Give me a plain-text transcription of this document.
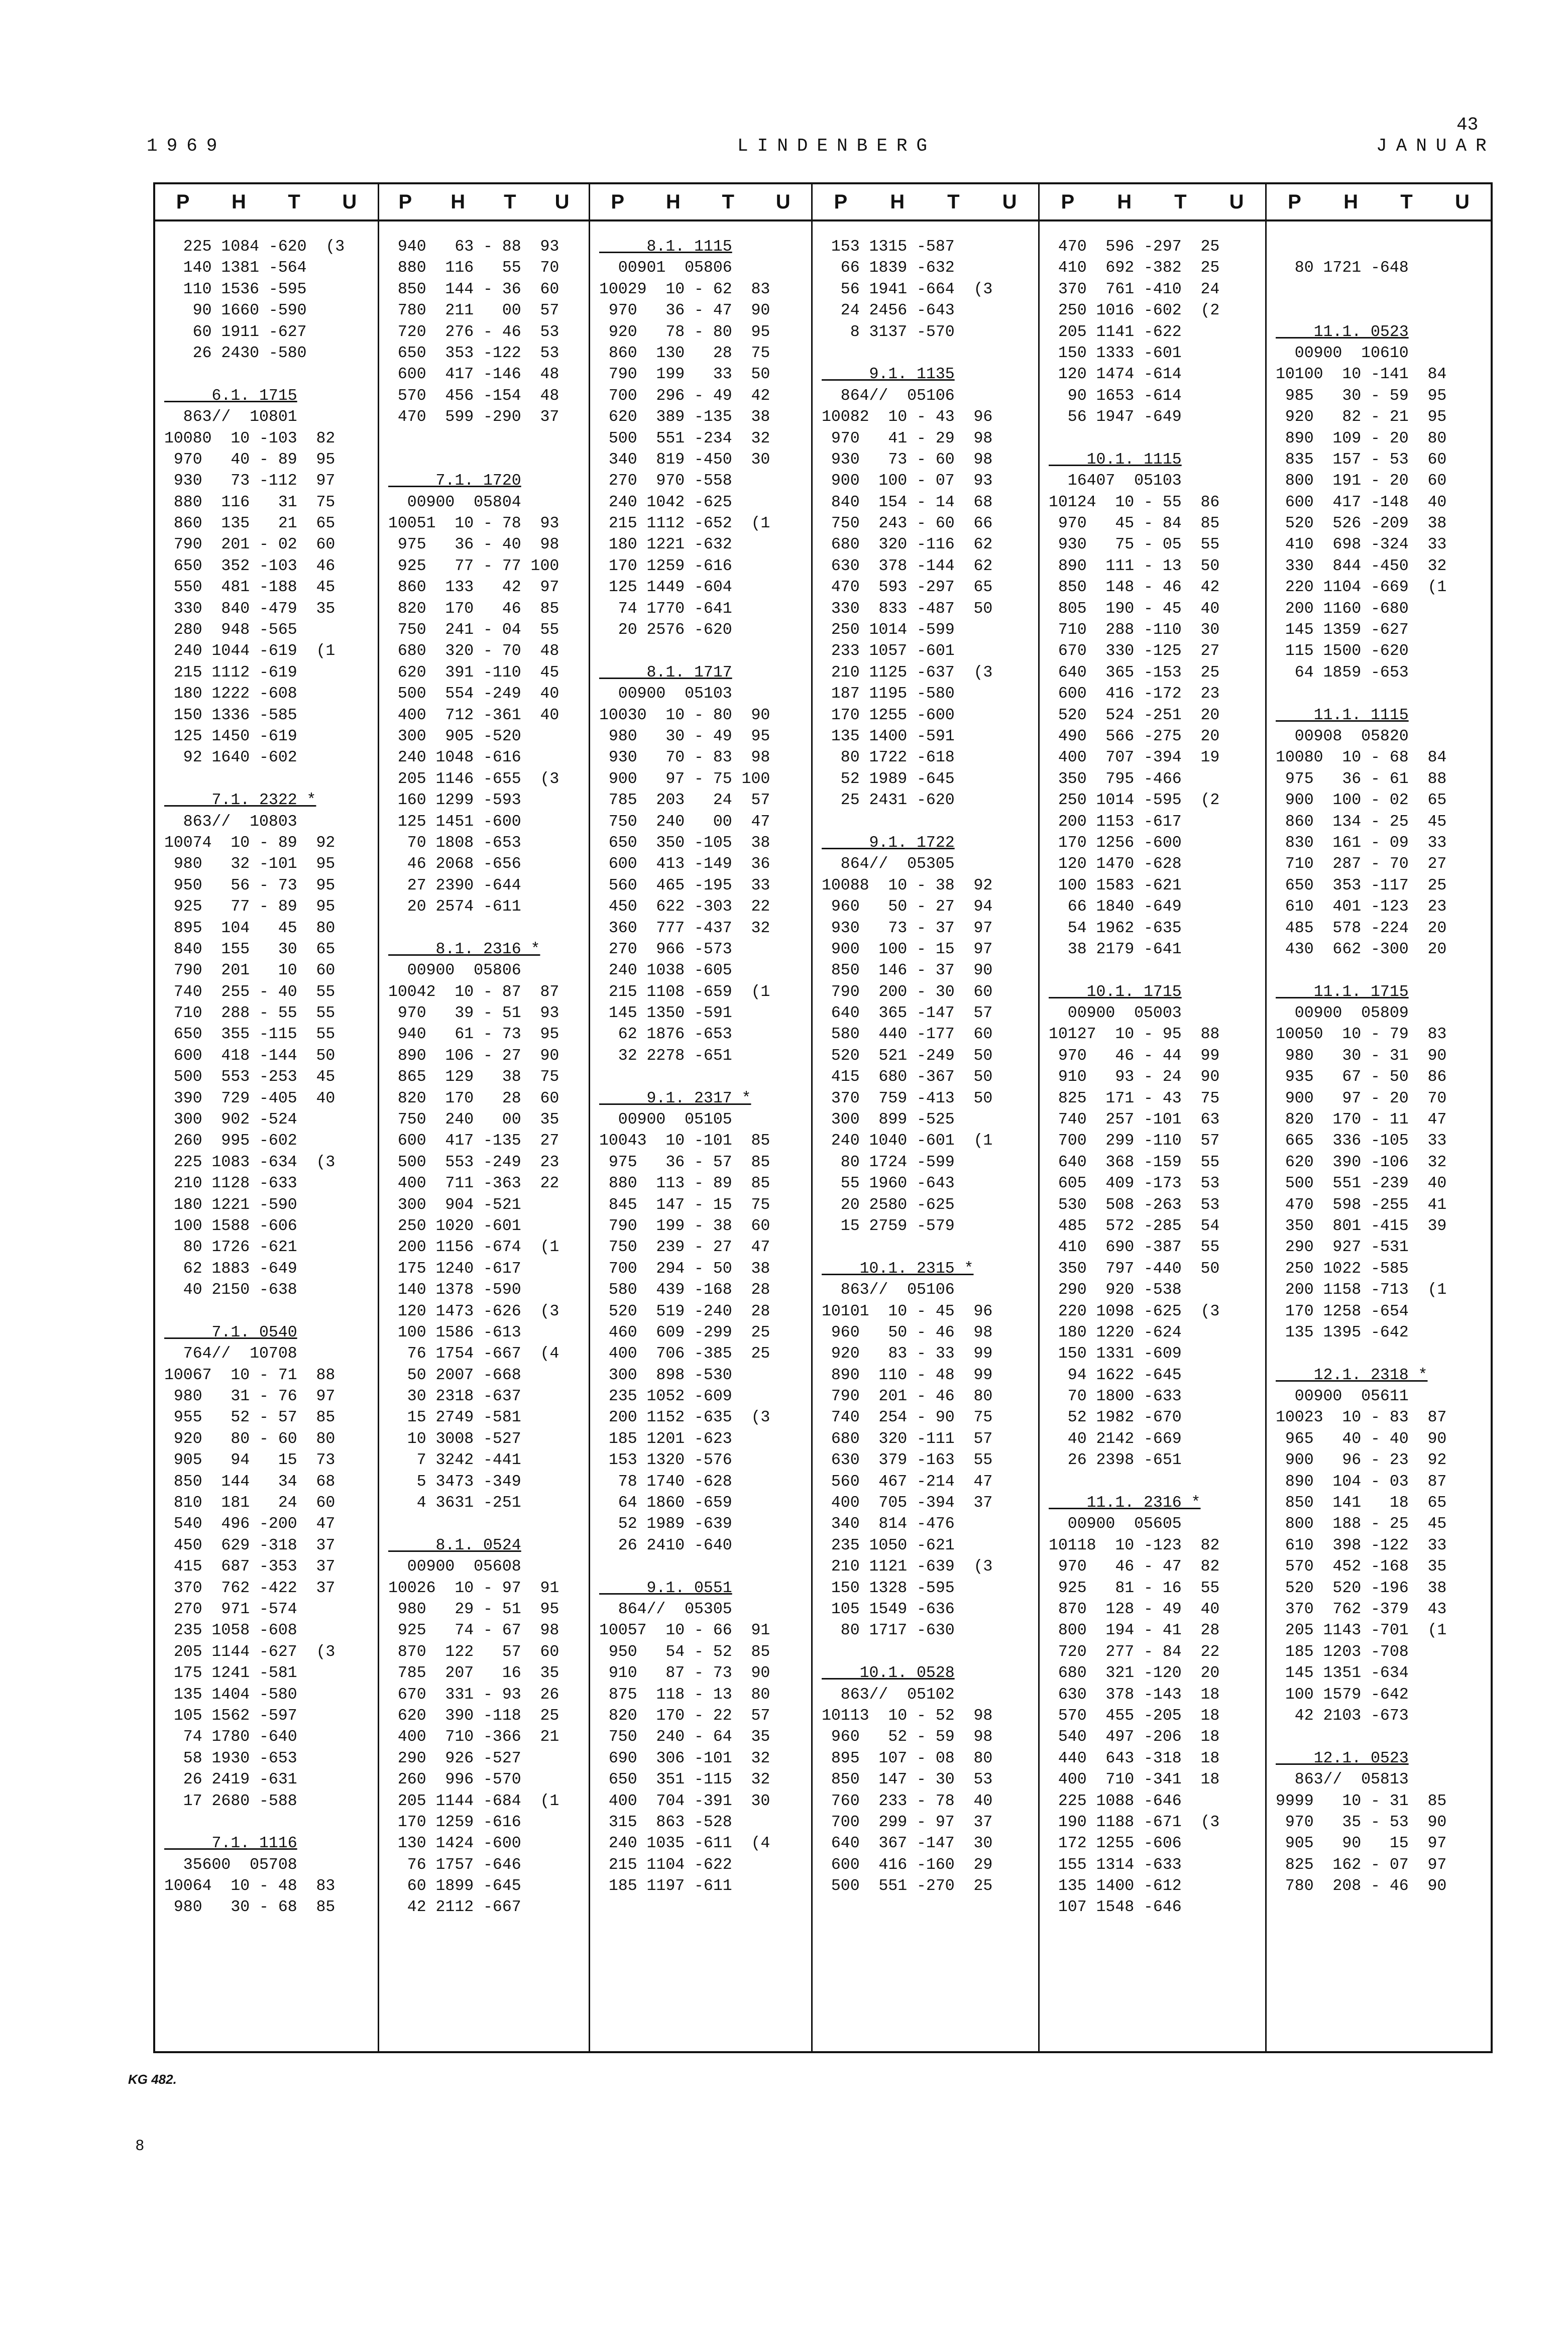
43
1969	LINDENBERG	JANUAR
P H T U
225 1084 -620  (3
140 1381 -564
110 1536 -595
90 1660 -590
60 1911 -627
26 2430 -580
6.1. 1715
863//  10801
10080  10 -103  82
970   40 - 89  95
930   73 -112  97
880  116   31  75
860  135   21  65
790  201 - 02  60
650  352 -103  46
550  481 -188  45
330  840 -479  35
280  948 -565
240 1044 -619  (1
215 1112 -619
180 1222 -608
150 1336 -585
125 1450 -619
92 1640 -602
7.1. 2322 *
863//  10803
10074  10 - 89  92
980   32 -101  95
950   56 - 73  95
925   77 - 89  95
895  104   45  80
840  155   30  65
790  201   10  60
740  255 - 40  55
710  288 - 55  55
650  355 -115  55
600  418 -144  50
500  553 -253  45
390  729 -405  40
300  902 -524
260  995 -602
225 1083 -634  (3
210 1128 -633
180 1221 -590
100 1588 -606
80 1726 -621
62 1883 -649
40 2150 -638
7.1. 0540
764//  10708
10067  10 - 71  88
980   31 - 76  97
955   52 - 57  85
920   80 - 60  80
905   94   15  73
850  144   34  68
810  181   24  60
540  496 -200  47
450  629 -318  37
415  687 -353  37
370  762 -422  37
270  971 -574
235 1058 -608
205 1144 -627  (3
175 1241 -581
135 1404 -580
105 1562 -597
74 1780 -640
58 1930 -653
26 2419 -631
17 2680 -588
7.1. 1116
35600  05708
10064  10 - 48  83
980   30 - 68  85
P H T U
940   63 - 88  93
880  116   55  70
850  144 - 36  60
780  211   00  57
720  276 - 46  53
650  353 -122  53
600  417 -146  48
570  456 -154  48
470  599 -290  37
7.1. 1720
00900  05804
10051  10 - 78  93
975   36 - 40  98
925   77 - 77 100
860  133   42  97
820  170   46  85
750  241 - 04  55
680  320 - 70  48
620  391 -110  45
500  554 -249  40
400  712 -361  40
300  905 -520
240 1048 -616
205 1146 -655  (3
160 1299 -593
125 1451 -600
70 1808 -653
46 2068 -656
27 2390 -644
20 2574 -611
8.1. 2316 *
00900  05806
10042  10 - 87  87
970   39 - 51  93
940   61 - 73  95
890  106 - 27  90
865  129   38  75
820  170   28  60
750  240   00  35
600  417 -135  27
500  553 -249  23
400  711 -363  22
300  904 -521
250 1020 -601
200 1156 -674  (1
175 1240 -617
140 1378 -590
120 1473 -626  (3
100 1586 -613
76 1754 -667  (4
50 2007 -668
30 2318 -637
15 2749 -581
10 3008 -527
7 3242 -441
5 3473 -349
4 3631 -251
8.1. 0524
00900  05608
10026  10 - 97  91
980   29 - 51  95
925   74 - 67  98
870  122   57  60
785  207   16  35
670  331 - 93  26
620  390 -118  25
400  710 -366  21
290  926 -527
260  996 -570
205 1144 -684  (1
170 1259 -616
130 1424 -600
76 1757 -646
60 1899 -645
42 2112 -667
P H T U
8.1. 1115
00901  05806
10029  10 - 62  83
970   36 - 47  90
920   78 - 80  95
860  130   28  75
790  199   33  50
700  296 - 49  42
620  389 -135  38
500  551 -234  32
340  819 -450  30
270  970 -558
240 1042 -625
215 1112 -652  (1
180 1221 -632
170 1259 -616
125 1449 -604
74 1770 -641
20 2576 -620
8.1. 1717
00900  05103
10030  10 - 80  90
980   30 - 49  95
930   70 - 83  98
900   97 - 75 100
785  203   24  57
750  240   00  47
650  350 -105  38
600  413 -149  36
560  465 -195  33
450  622 -303  22
360  777 -437  32
270  966 -573
240 1038 -605
215 1108 -659  (1
145 1350 -591
62 1876 -653
32 2278 -651
9.1. 2317 *
00900  05105
10043  10 -101  85
975   36 - 57  85
880  113 - 89  85
845  147 - 15  75
790  199 - 38  60
750  239 - 27  47
700  294 - 50  38
580  439 -168  28
520  519 -240  28
460  609 -299  25
400  706 -385  25
300  898 -530
235 1052 -609
200 1152 -635  (3
185 1201 -623
153 1320 -576
78 1740 -628
64 1860 -659
52 1989 -639
26 2410 -640
9.1. 0551
864//  05305
10057  10 - 66  91
950   54 - 52  85
910   87 - 73  90
875  118 - 13  80
820  170 - 22  57
750  240 - 64  35
690  306 -101  32
650  351 -115  32
400  704 -391  30
315  863 -528
240 1035 -611  (4
215 1104 -622
185 1197 -611
P H T U
153 1315 -587
66 1839 -632
56 1941 -664  (3
24 2456 -643
8 3137 -570
9.1. 1135
864//  05106
10082  10 - 43  96
970   41 - 29  98
930   73 - 60  98
900  100 - 07  93
840  154 - 14  68
750  243 - 60  66
680  320 -116  62
630  378 -144  62
470  593 -297  65
330  833 -487  50
250 1014 -599
233 1057 -601
210 1125 -637  (3
187 1195 -580
170 1255 -600
135 1400 -591
80 1722 -618
52 1989 -645
25 2431 -620
9.1. 1722
864//  05305
10088  10 - 38  92
960   50 - 27  94
930   73 - 37  97
900  100 - 15  97
850  146 - 37  90
790  200 - 30  60
640  365 -147  57
580  440 -177  60
520  521 -249  50
415  680 -367  50
370  759 -413  50
300  899 -525
240 1040 -601  (1
80 1724 -599
55 1960 -643
20 2580 -625
15 2759 -579
10.1. 2315 *
863//  05106
10101  10 - 45  96
960   50 - 46  98
920   83 - 33  99
890  110 - 48  99
790  201 - 46  80
740  254 - 90  75
680  320 -111  57
630  379 -163  55
560  467 -214  47
400  705 -394  37
340  814 -476
235 1050 -621
210 1121 -639  (3
150 1328 -595
105 1549 -636
80 1717 -630
10.1. 0528
863//  05102
10113  10 - 52  98
960   52 - 59  98
895  107 - 08  80
850  147 - 30  53
760  233 - 78  40
700  299 - 97  37
640  367 -147  30
600  416 -160  29
500  551 -270  25
P H T U
470  596 -297  25
410  692 -382  25
370  761 -410  24
250 1016 -602  (2
205 1141 -622
150 1333 -601
120 1474 -614
90 1653 -614
56 1947 -649
10.1. 1115
16407  05103
10124  10 - 55  86
970   45 - 84  85
930   75 - 05  55
890  111 - 13  50
850  148 - 46  42
805  190 - 45  40
710  288 -110  30
670  330 -125  27
640  365 -153  25
600  416 -172  23
520  524 -251  20
490  566 -275  20
400  707 -394  19
350  795 -466
250 1014 -595  (2
200 1153 -617
170 1256 -600
120 1470 -628
100 1583 -621
66 1840 -649
54 1962 -635
38 2179 -641
10.1. 1715
00900  05003
10127  10 - 95  88
970   46 - 44  99
910   93 - 24  90
825  171 - 43  75
740  257 -101  63
700  299 -110  57
640  368 -159  55
605  409 -173  53
530  508 -263  53
485  572 -285  54
410  690 -387  55
350  797 -440  50
290  920 -538
220 1098 -625  (3
180 1220 -624
150 1331 -609
94 1622 -645
70 1800 -633
52 1982 -670
40 2142 -669
26 2398 -651
11.1. 2316 *
00900  05605
10118  10 -123  82
970   46 - 47  82
925   81 - 16  55
870  128 - 49  40
800  194 - 41  28
720  277 - 84  22
680  321 -120  20
630  378 -143  18
570  455 -205  18
540  497 -206  18
440  643 -318  18
400  710 -341  18
225 1088 -646
190 1188 -671  (3
172 1255 -606
155 1314 -633
135 1400 -612
107 1548 -646
P H T U
80 1721 -648
11.1. 0523
00900  10610
10100  10 -141  84
985   30 - 59  95
920   82 - 21  95
890  109 - 20  80
835  157 - 53  60
800  191 - 20  60
600  417 -148  40
520  526 -209  38
410  698 -324  33
330  844 -450  32
220 1104 -669  (1
200 1160 -680
145 1359 -627
115 1500 -620
64 1859 -653
11.1. 1115
00908  05820
10080  10 - 68  84
975   36 - 61  88
900  100 - 02  65
860  134 - 25  45
830  161 - 09  33
710  287 - 70  27
650  353 -117  25
610  401 -123  23
485  578 -224  20
430  662 -300  20
11.1. 1715
00900  05809
10050  10 - 79  83
980   30 - 31  90
935   67 - 50  86
900   97 - 20  70
820  170 - 11  47
665  336 -105  33
620  390 -106  32
500  551 -239  40
470  598 -255  41
350  801 -415  39
290  927 -531
250 1022 -585
200 1158 -713  (1
170 1258 -654
135 1395 -642
12.1. 2318 *
00900  05611
10023  10 - 83  87
965   40 - 40  90
900   96 - 23  92
890  104 - 03  87
850  141   18  65
800  188 - 25  45
610  398 -122  33
570  452 -168  35
520  520 -196  38
370  762 -379  43
205 1143 -701  (1
185 1203 -708
145 1351 -634
100 1579 -642
42 2103 -673
12.1. 0523
863//  05813
9999   10 - 31  85
970   35 - 53  90
905   90   15  97
825  162 - 07  97
780  208 - 46  90
KG 482.
8
